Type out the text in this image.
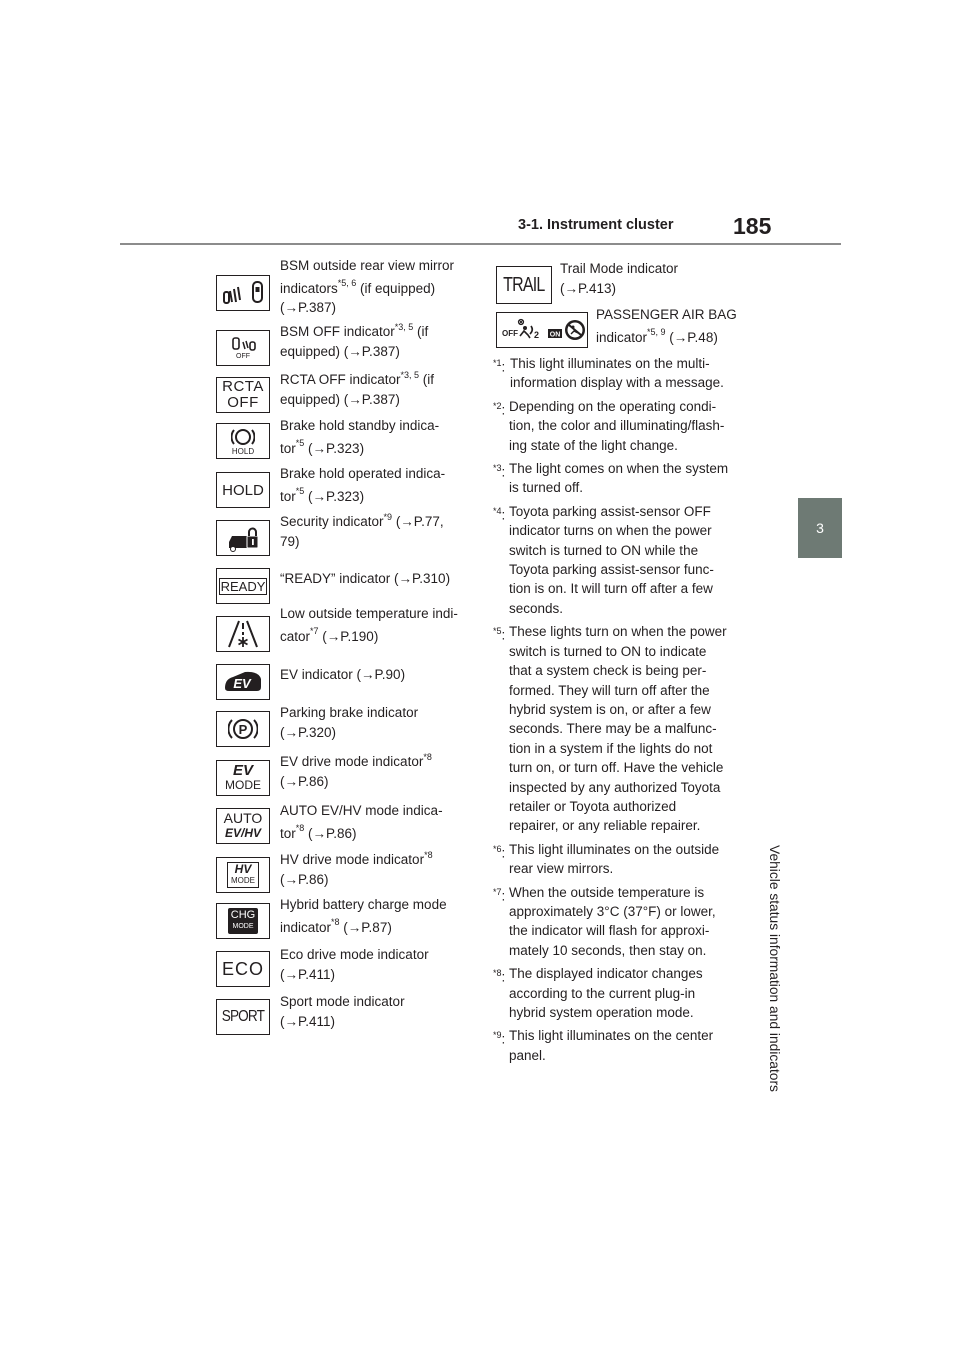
3-1. Instrument cluster	185
3
Vehicle status information and indicators
BSM outside rear view mirror
indicators$^{*5, 6}$ (if equipped)
(→P.387)
OFF
BSM OFF indicator$^{*3, 5}$ (if
equipped) (→P.387)
RCTA
OFF
RCTA OFF indicator$^{*3, 5}$ (if
equipped) (→P.387)
HOLD
Brake hold standby indica-
tor$^{*5}$ (→P.323)
HOLD
Brake hold operated indica-
tor$^{*5}$ (→P.323)
Security indicator$^{*9}$ (→P.77,
79)
READY “READY” indicator (→P.310)
Low outside temperature indi-
cator$^{*7}$ (→P.190)
EV
EV indicator (→P.90)
P
Parking brake indicator
(→P.320)
EV
MODE
EV drive mode indicator$^{*8}$
(→P.86)
AUTO
EV/HV
AUTO EV/HV mode indica-
tor$^{*8}$ (→P.86)
HV
MODE
HV drive mode indicator$^{*8}$
(→P.86)
CHG
MODE
Hybrid battery charge mode
indicator$^{*8}$ (→P.87)
ECO
Eco drive mode indicator
(→P.411)
SPORT
Sport mode indicator
(→P.411)
TRAIL
Trail Mode indicator
(→P.413)
OFF 2 ON
PASSENGER AIR BAG
indicator$^{*5, 9}$ (→P.48)
$^{*1}$: This light illuminates on the multi-
information display with a message.
$^{*2}$: Depending on the operating condi-
tion, the color and illuminating/flash-
ing state of the light change.
$^{*3}$: The light comes on when the system
is turned off.
$^{*4}$: Toyota parking assist-sensor OFF
indicator turns on when the power
switch is turned to ON while the
Toyota parking assist-sensor func-
tion is on. It will turn off after a few
seconds.
$^{*5}$: These lights turn on when the power
switch is turned to ON to indicate
that a system check is being per-
formed. They will turn off after the
hybrid system is on, or after a few
seconds. There may be a malfunc-
tion in a system if the lights do not
turn on, or turn off. Have the vehicle
inspected by any authorized Toyota
retailer or Toyota authorized
repairer, or any reliable repairer.
$^{*6}$: This light illuminates on the outside
rear view mirrors.
$^{*7}$: When the outside temperature is
approximately 3°C (37°F) or lower,
the indicator will flash for approxi-
mately 10 seconds, then stay on.
$^{*8}$: The displayed indicator changes
according to the current plug-in
hybrid system operation mode.
$^{*9}$: This light illuminates on the center
panel.
